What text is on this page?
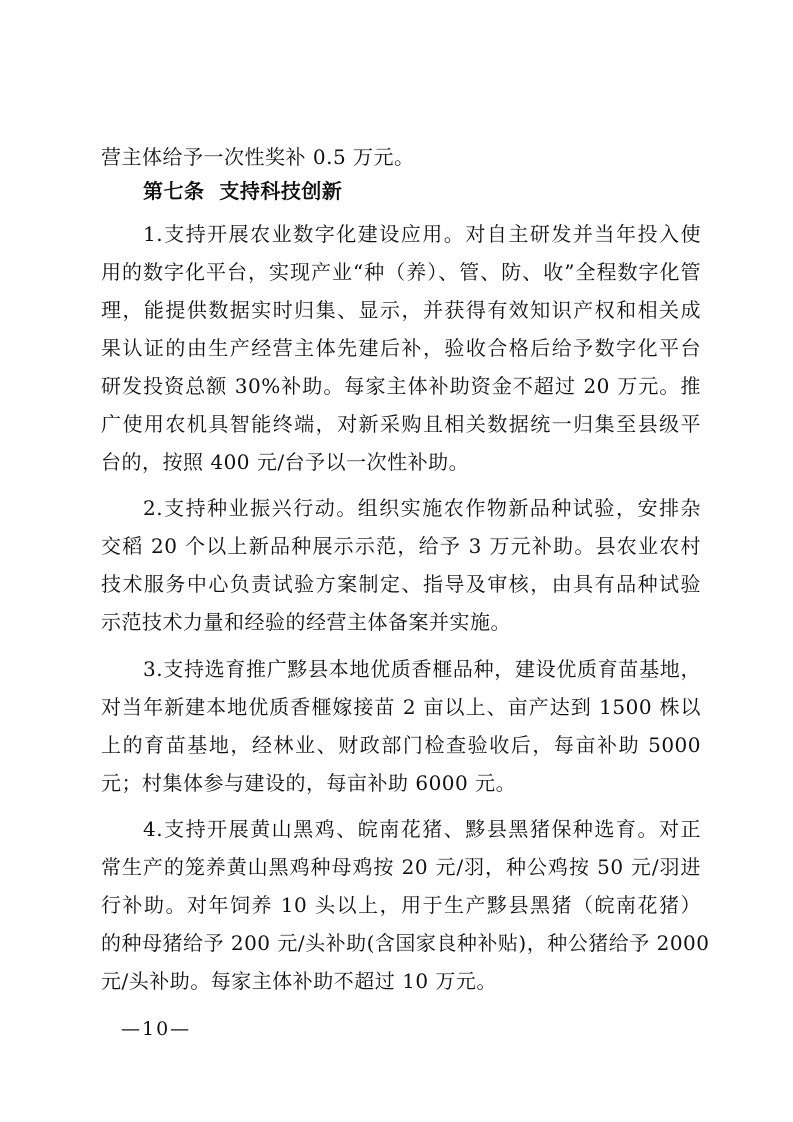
营主体给予一次性奖补 0.5 万元。
第七条  支持科技创新
1.支持开展农业数字化建设应用。对自主研发并当年投入使
用的数字化平台，实现产业“种（养）、管、防、收”全程数字化管
理，能提供数据实时归集、显示，并获得有效知识产权和相关成
果认证的由生产经营主体先建后补，验收合格后给予数字化平台
研发投资总额 30%补助。每家主体补助资金不超过 20 万元。推
广使用农机具智能终端，对新采购且相关数据统一归集至县级平
台的，按照 400 元/台予以一次性补助。
2.支持种业振兴行动。组织实施农作物新品种试验，安排杂
交稻 20 个以上新品种展示示范，给予 3 万元补助。县农业农村
技术服务中心负责试验方案制定、指导及审核，由具有品种试验
示范技术力量和经验的经营主体备案并实施。
3.支持选育推广黟县本地优质香榧品种，建设优质育苗基地，
对当年新建本地优质香榧嫁接苗 2 亩以上、亩产达到 1500 株以
上的育苗基地，经林业、财政部门检查验收后，每亩补助 5000
元；村集体参与建设的，每亩补助 6000 元。
4.支持开展黄山黑鸡、皖南花猪、黟县黑猪保种选育。对正
常生产的笼养黄山黑鸡种母鸡按 20 元/羽，种公鸡按 50 元/羽进
行补助。对年饲养 10 头以上，用于生产黟县黑猪（皖南花猪）
的种母猪给予 200 元/头补助(含国家良种补贴)，种公猪给予 2000
元/头补助。每家主体补助不超过 10 万元。
—10—
